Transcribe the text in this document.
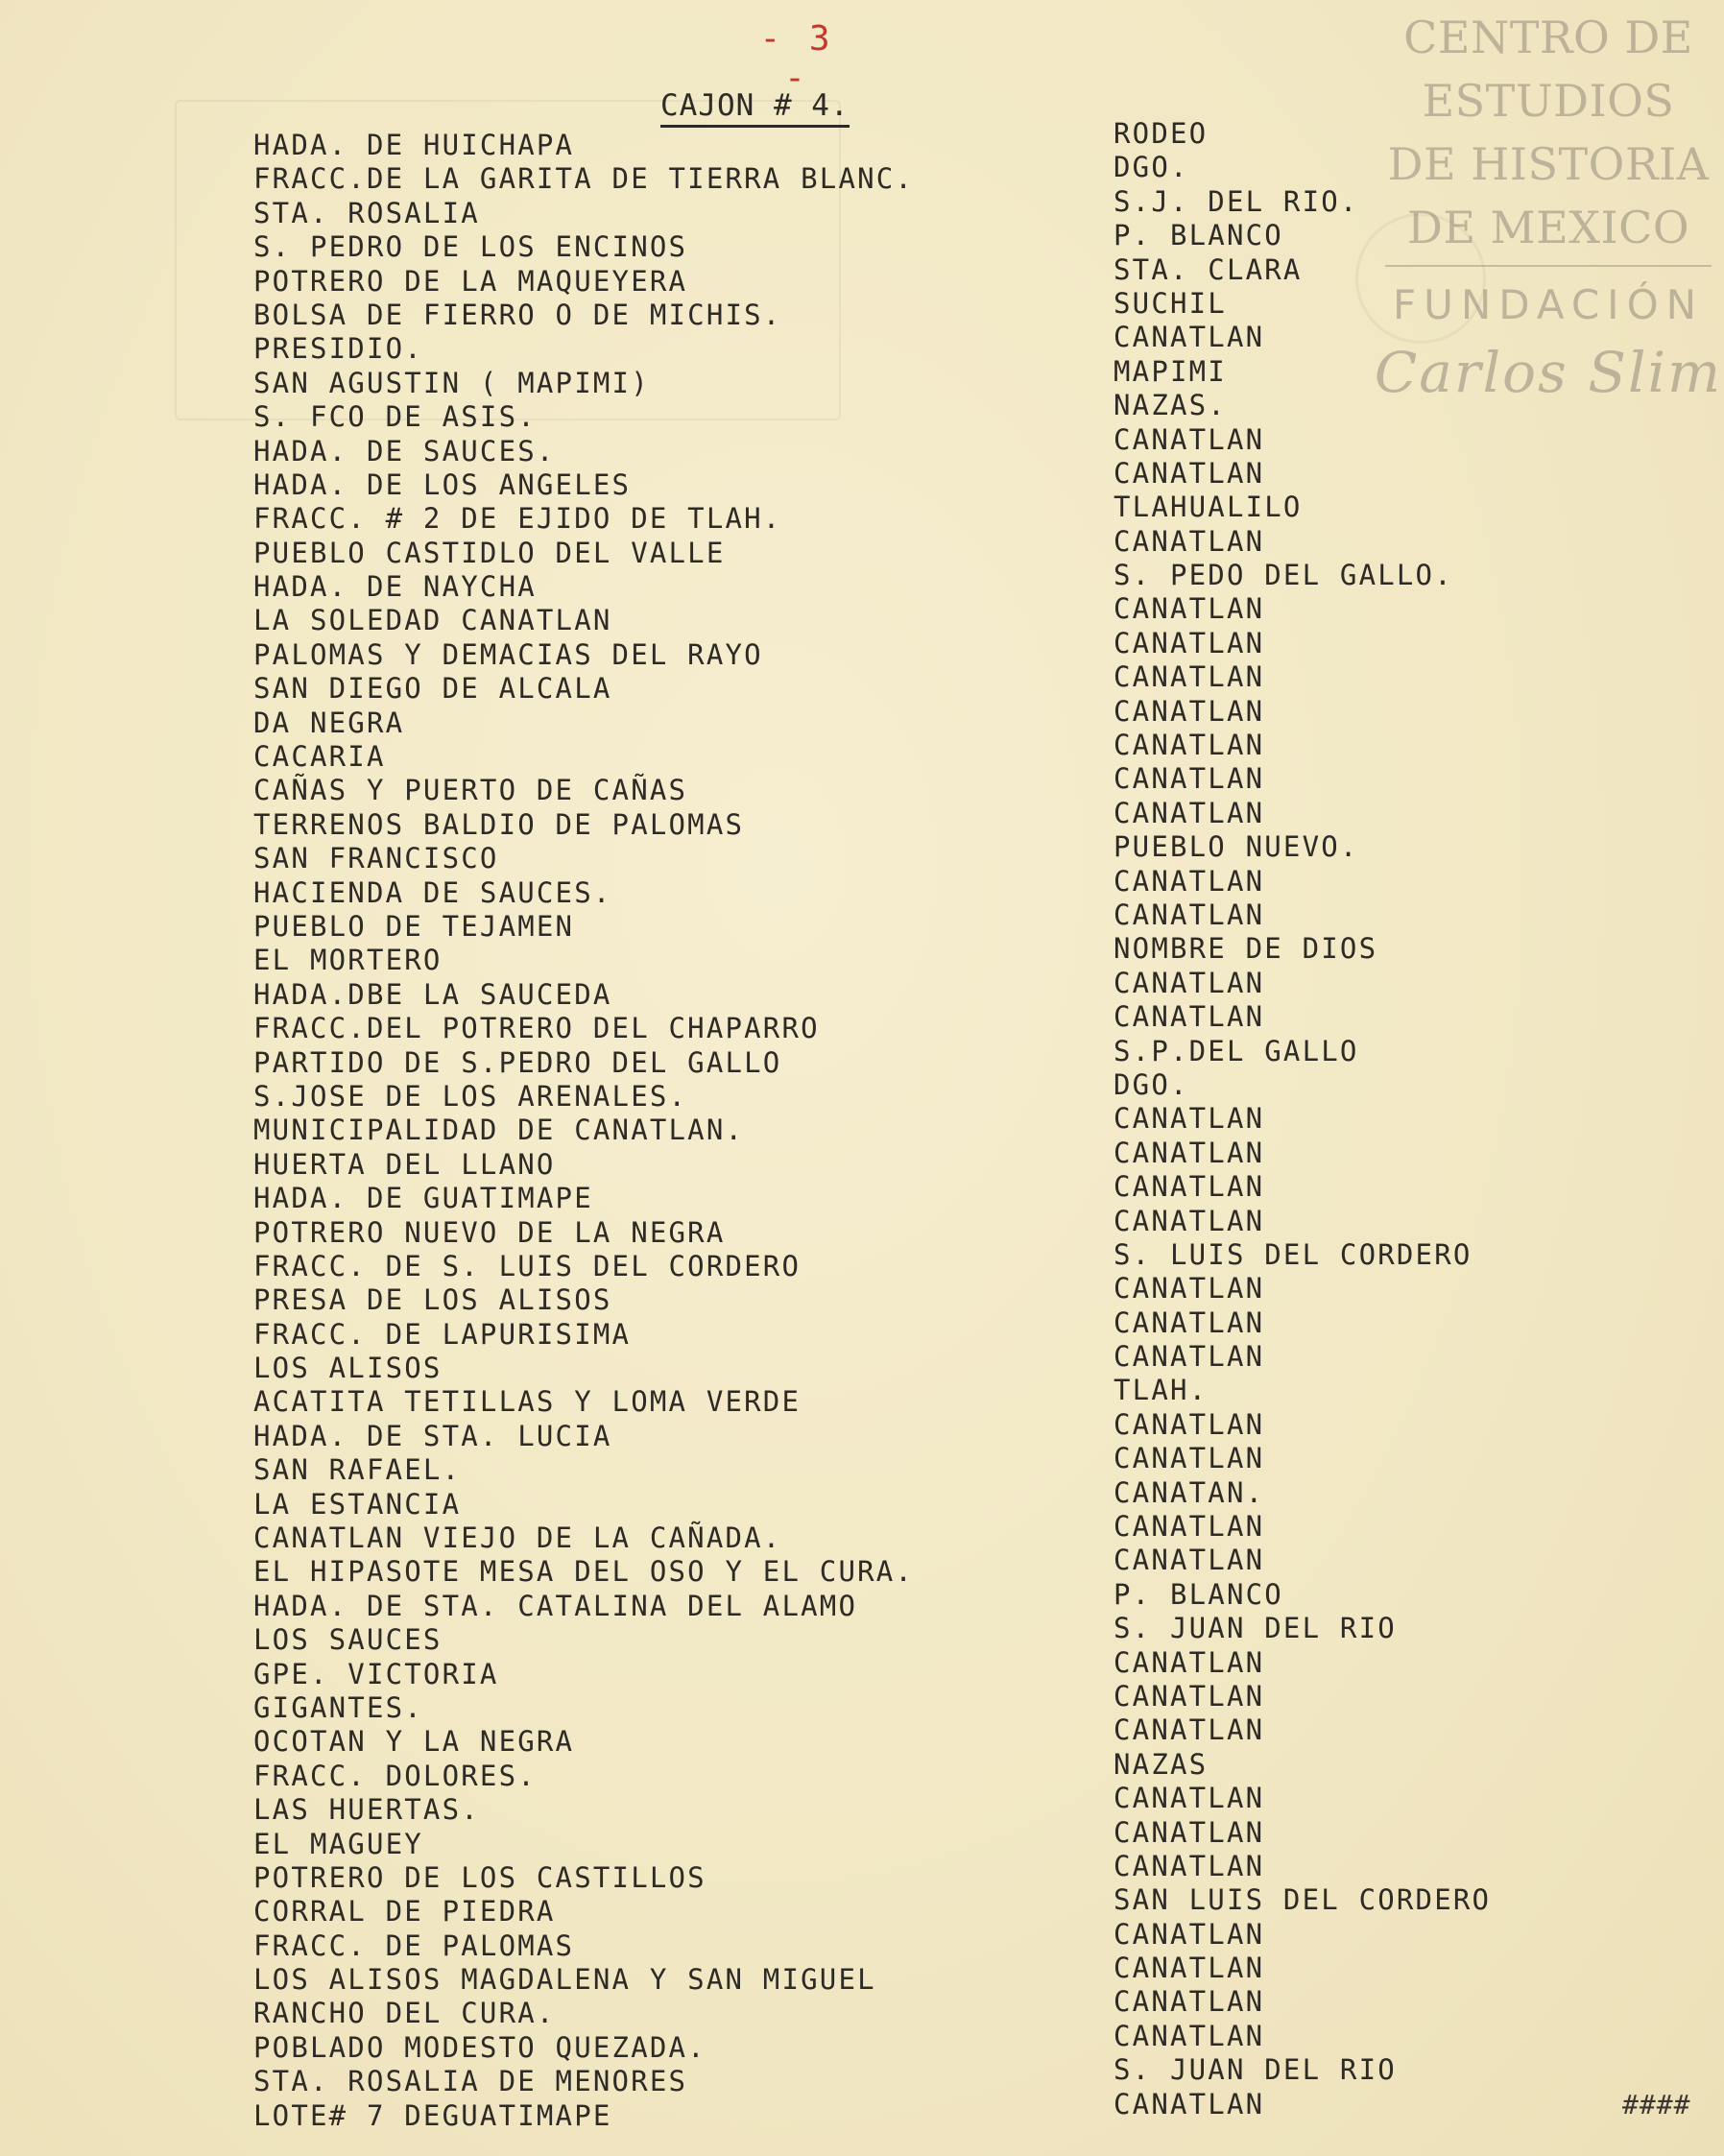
- 3 -
CAJON # 4.
HADA. DE HUICHAPA
FRACC.DE LA GARITA DE TIERRA BLANC.
STA. ROSALIA
S. PEDRO DE LOS ENCINOS
POTRERO DE LA MAQUEYERA
BOLSA DE FIERRO O DE MICHIS.
PRESIDIO.
SAN AGUSTIN ( MAPIMI)
S. FCO DE ASIS.
HADA. DE SAUCES.
HADA. DE LOS ANGELES
FRACC. # 2 DE EJIDO DE TLAH.
PUEBLO CASTIDLO DEL VALLE
HADA. DE NAYCHA
LA SOLEDAD CANATLAN
PALOMAS Y DEMACIAS DEL RAYO
SAN DIEGO DE ALCALA
DA NEGRA
CACARIA
CAÑAS Y PUERTO DE CAÑAS
TERRENOS BALDIO DE PALOMAS
SAN FRANCISCO
HACIENDA DE SAUCES.
PUEBLO DE TEJAMEN
EL MORTERO
HADA.DBE LA SAUCEDA
FRACC.DEL POTRERO DEL CHAPARRO
PARTIDO DE S.PEDRO DEL GALLO
S.JOSE DE LOS ARENALES.
MUNICIPALIDAD DE CANATLAN.
HUERTA DEL LLANO
HADA. DE GUATIMAPE
POTRERO NUEVO DE LA NEGRA
FRACC. DE S. LUIS DEL CORDERO
PRESA DE LOS ALISOS
FRACC. DE LAPURISIMA
LOS ALISOS
ACATITA TETILLAS Y LOMA VERDE
HADA. DE STA. LUCIA
SAN RAFAEL.
LA ESTANCIA
CANATLAN VIEJO DE LA CAÑADA.
EL HIPASOTE MESA DEL OSO Y EL CURA.
HADA. DE STA. CATALINA DEL ALAMO
LOS SAUCES
GPE. VICTORIA
GIGANTES.
OCOTAN Y LA NEGRA
FRACC. DOLORES.
LAS HUERTAS.
EL MAGUEY
POTRERO DE LOS CASTILLOS
CORRAL DE PIEDRA
FRACC. DE PALOMAS
LOS ALISOS MAGDALENA Y SAN MIGUEL
RANCHO DEL CURA.
POBLADO MODESTO QUEZADA.
STA. ROSALIA DE MENORES
LOTE# 7 DEGUATIMAPE
RODEO
DGO.
S.J. DEL RIO.
P. BLANCO
STA. CLARA
SUCHIL
CANATLAN
MAPIMI
NAZAS.
CANATLAN
CANATLAN
TLAHUALILO
CANATLAN
S. PEDO DEL GALLO.
CANATLAN
CANATLAN
CANATLAN
CANATLAN
CANATLAN
CANATLAN
CANATLAN
PUEBLO NUEVO.
CANATLAN
CANATLAN
NOMBRE DE DIOS
CANATLAN
CANATLAN
S.P.DEL GALLO
DGO.
CANATLAN
CANATLAN
CANATLAN
CANATLAN
S. LUIS DEL CORDERO
CANATLAN
CANATLAN
CANATLAN
TLAH.
CANATLAN
CANATLAN
CANATAN.
CANATLAN
CANATLAN
P. BLANCO
S. JUAN DEL RIO
CANATLAN
CANATLAN
CANATLAN
NAZAS
CANATLAN
CANATLAN
CANATLAN
SAN LUIS DEL CORDERO
CANATLAN
CANATLAN
CANATLAN
CANATLAN
S. JUAN DEL RIO
CANATLAN
CENTRO DE
ESTUDIOS
DE HISTORIA
DE MEXICO
FUNDACIÓN
Carlos Slim
####
